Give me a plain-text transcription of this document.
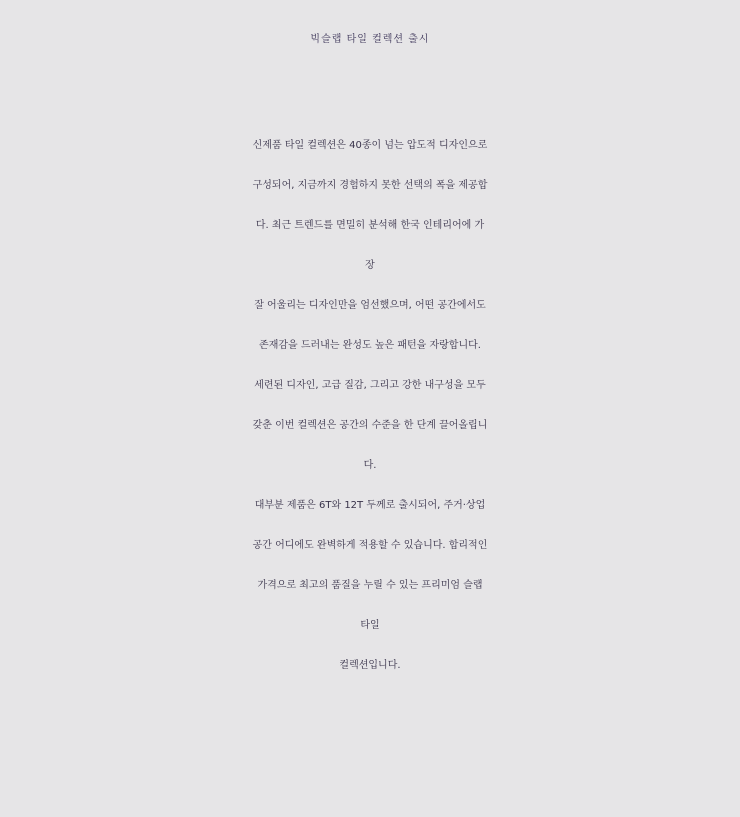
빅슬랩 타일 컬렉션 출시
신제품 타일 컬렉션은 40종이 넘는 압도적 디자인으로
구성되어, 지금까지 경험하지 못한 선택의 폭을 제공합
다. 최근 트렌드를 면밀히 분석해 한국 인테리어에 가
장
잘 어울리는 디자인만을 엄선했으며, 어떤 공간에서도
존재감을 드러내는 완성도 높은 패턴을 자랑합니다.
세련된 디자인, 고급 질감, 그리고 강한 내구성을 모두
갖춘 이번 컬렉션은 공간의 수준을 한 단계 끌어올립니
다.
대부분 제품은 6T와 12T 두께로 출시되어, 주거·상업
공간 어디에도 완벽하게 적용할 수 있습니다. 합리적인
가격으로 최고의 품질을 누릴 수 있는 프리미엄 슬랩
타일
컬렉션입니다.
